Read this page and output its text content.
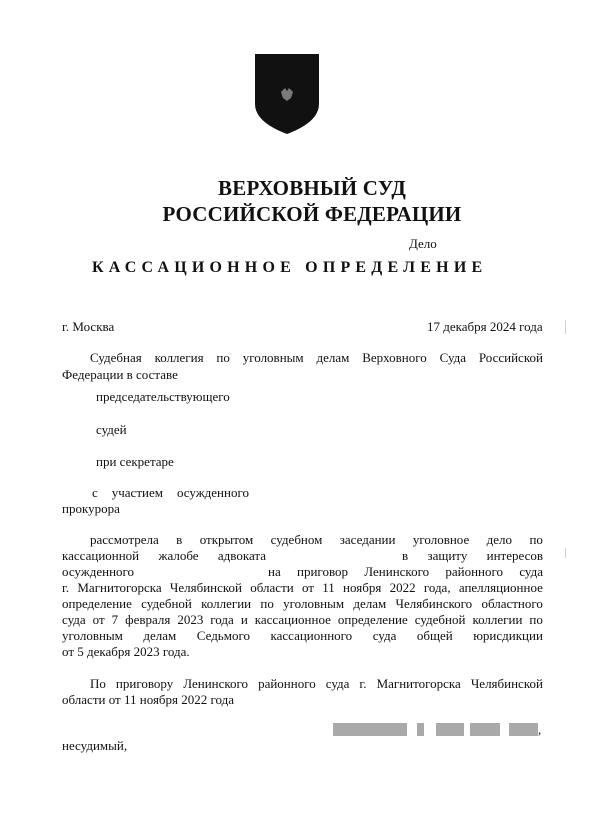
ВЕРХОВНЫЙ СУД
РОССИЙСКОЙ ФЕДЕРАЦИИ
Дело
КАССАЦИОННОЕ ОПРЕДЕЛЕНИЕ
г. Москва	17 декабря 2024 года
Судебная коллегия по уголовным делам Верховного Суда Российской
Федерации в составе
председательствующего
судей
при секретаре
с участием осужденного
прокурора
рассмотрела в открытом судебном заседании уголовное дело по
кассационной жалобе адвоката	в защиту интересов
осужденного	на приговор Ленинского районного суда
г. Магнитогорска Челябинской области от 11 ноября 2022 года, апелляционное
определение судебной коллегии по уголовным делам Челябинского областного
суда от 7 февраля 2023 года и кассационное определение судебной коллегии по
уголовным делам Седьмого кассационного суда общей юрисдикции
от 5 декабря 2023 года.
По приговору Ленинского районного суда г. Магнитогорска Челябинской
области от 11 ноября 2022 года
,
несудимый,
